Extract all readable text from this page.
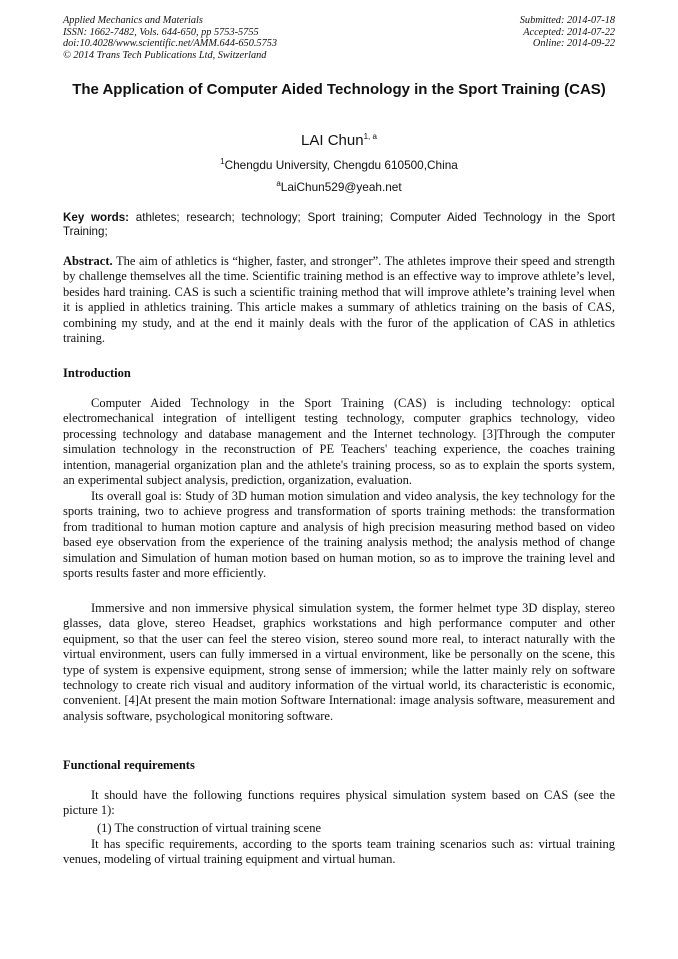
Applied Mechanics and Materials
ISSN: 1662-7482, Vols. 644-650, pp 5753-5755
doi:10.4028/www.scientific.net/AMM.644-650.5753
© 2014 Trans Tech Publications Ltd, Switzerland
Submitted: 2014-07-18
Accepted: 2014-07-22
Online: 2014-09-22
The Application of Computer Aided Technology in the Sport Training (CAS)
LAI Chun$^{1, a}$
$^1$Chengdu University, Chengdu 610500,China
$^a$LaiChun529@yeah.net

Key words: athletes; research; technology; Sport training; Computer Aided Technology in the Sport Training;

Abstract. The aim of athletics is “higher, faster, and stronger”. The athletes improve their speed and strength by challenge themselves all the time. Scientific training method is an effective way to improve athlete’s level, besides hard training. CAS is such a scientific training method that will improve athlete’s training level when it is applied in athletics training. This article makes a summary of athletics training on the basis of CAS, combining my study, and at the end it mainly deals with the furor of the application of CAS in athletics training.

Introduction

Computer Aided Technology in the Sport Training (CAS) is including technology: optical electromechanical integration of intelligent testing technology, computer graphics technology, video processing technology and database management and the Internet technology. [3]Through the computer simulation technology in the reconstruction of PE Teachers' teaching experience, the coaches training intention, managerial organization plan and the athlete's training process, so as to explain the sports system, an experimental subject analysis, prediction, organization, evaluation.

Its overall goal is: Study of 3D human motion simulation and video analysis, the key technology for the sports training, two to achieve progress and transformation of sports training methods: the transformation from traditional to human motion capture and analysis of high precision measuring method based on video based eye observation from the experience of the training analysis method; the analysis method of change simulation and Simulation of human motion based on human motion, so as to improve the training level and sports results faster and more efficiently.

Immersive and non immersive physical simulation system, the former helmet type 3D display, stereo glasses, data glove, stereo Headset, graphics workstations and high performance computer and other equipment, so that the user can feel the stereo vision, stereo sound more real, to interact naturally with the virtual environment, users can fully immersed in a virtual environment, like be personally on the scene, this type of system is expensive equipment, strong sense of immersion; while the latter mainly rely on software technology to create rich visual and auditory information of the virtual world, its characteristic is economic, convenient. [4]At present the main motion Software International: image analysis software, measurement and analysis software, psychological monitoring software.

Functional requirements

It should have the following functions requires physical simulation system based on CAS (see the picture 1):

(1) The construction of virtual training scene

It has specific requirements, according to the sports team training scenarios such as: virtual training venues, modeling of virtual training equipment and virtual human.
